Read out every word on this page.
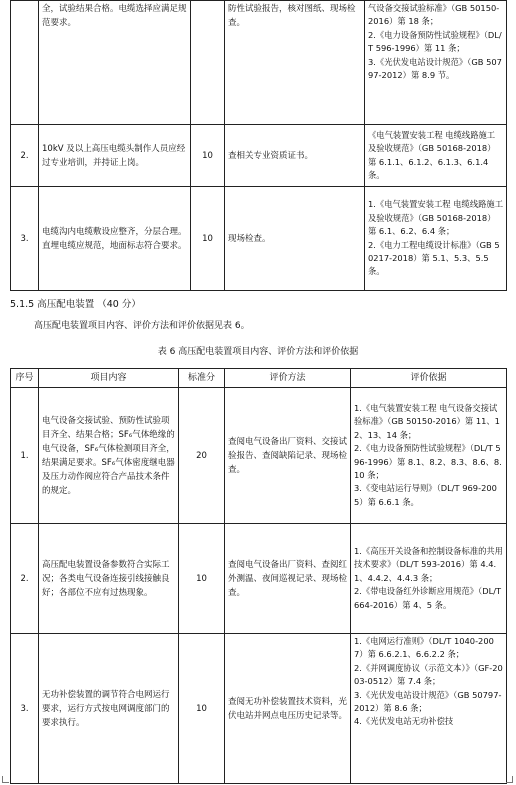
	全，试验结果合格。电缆选择应满足规范要求。		防性试验报告，核对图纸、现场检查。	气设备交接试验标准》（GB 50150-2016）第 18 条；
2.《电力设备预防性试验规程》（DL/T 596-1996）第 11 条；
3.《光伏发电站设计规范》（GB 50797-2012）第 8.9 节。

2.	10kV 及以上高压电缆头制作人员应经过专业培训，并持证上岗。	10	查相关专业资质证书。	《电气装置安装工程 电缆线路施工及验收规范》（GB 50168-2018）第 6.1.1、6.1.2、6.1.3、6.1.4 条。

3.	电缆沟内电缆敷设应整齐，分层合理。直埋电缆应规范，地面标志符合要求。	10	现场检查。	1.《电气装置安装工程 电缆线路施工及验收规范》（GB 50168-2018）第 6.1、6.2、6.4 条；
2.《电力工程电缆设计标准》（GB 50217-2018）第 5.1、5.3、5.5 条。
5.1.5 高压配电装置 （40 分）
高压配电装置项目内容、评价方法和评价依据见表 6。
表 6 高压配电装置项目内容、评价方法和评价依据
序号	项目内容	标准分	评价方法	评价依据
1.	电气设备交接试验、预防性试验项目齐全、结果合格；SF₆气体绝缘的电气设备，SF₆气体检测项目齐全，结果满足要求。SF₆气体密度继电器及压力动作阀应符合产品技术条件的规定。	20	查阅电气设备出厂资料、交接试验报告、查阅缺陷记录、现场检查。	1.《电气装置安装工程 电气设备交接试验标准》（GB 50150-2016）第 11、12、13、14 条；
2.《电力设备预防性试验规程》（DL/T 596-1996）第 8.1、8.2、8.3、8.6、8.10 条；
3.《变电站运行导则》（DL/T 969-2005）第 6.6.1 条。

2.	高压配电装置设备参数符合实际工况；各类电气设备连接引线接触良好；各部位不应有过热现象。	10	查阅电气设备出厂资料、查阅红外测温、夜间巡视记录、现场检查。	1.《高压开关设备和控制设备标准的共用技术要求》（DL/T 593-2016）第 4.4.1、4.4.2、4.4.3 条；
2.《带电设备红外诊断应用规范》（DL/T 664-2016）第 4、5 条。

3.	无功补偿装置的调节符合电网运行要求，运行方式按电网调度部门的要求执行。	10	查阅无功补偿装置技术资料，光伏电站并网点电压历史记录等。	1.《电网运行准则》（DL/T 1040-2007）第 6.6.2.1、6.6.2.2 条；
2.《并网调度协议（示范文本）》（GF-2003-0512）第 7.4 条；
3.《光伏发电站设计规范》（GB 50797-2012）第 8.6 条；
4.《光伏发电站无功补偿技
